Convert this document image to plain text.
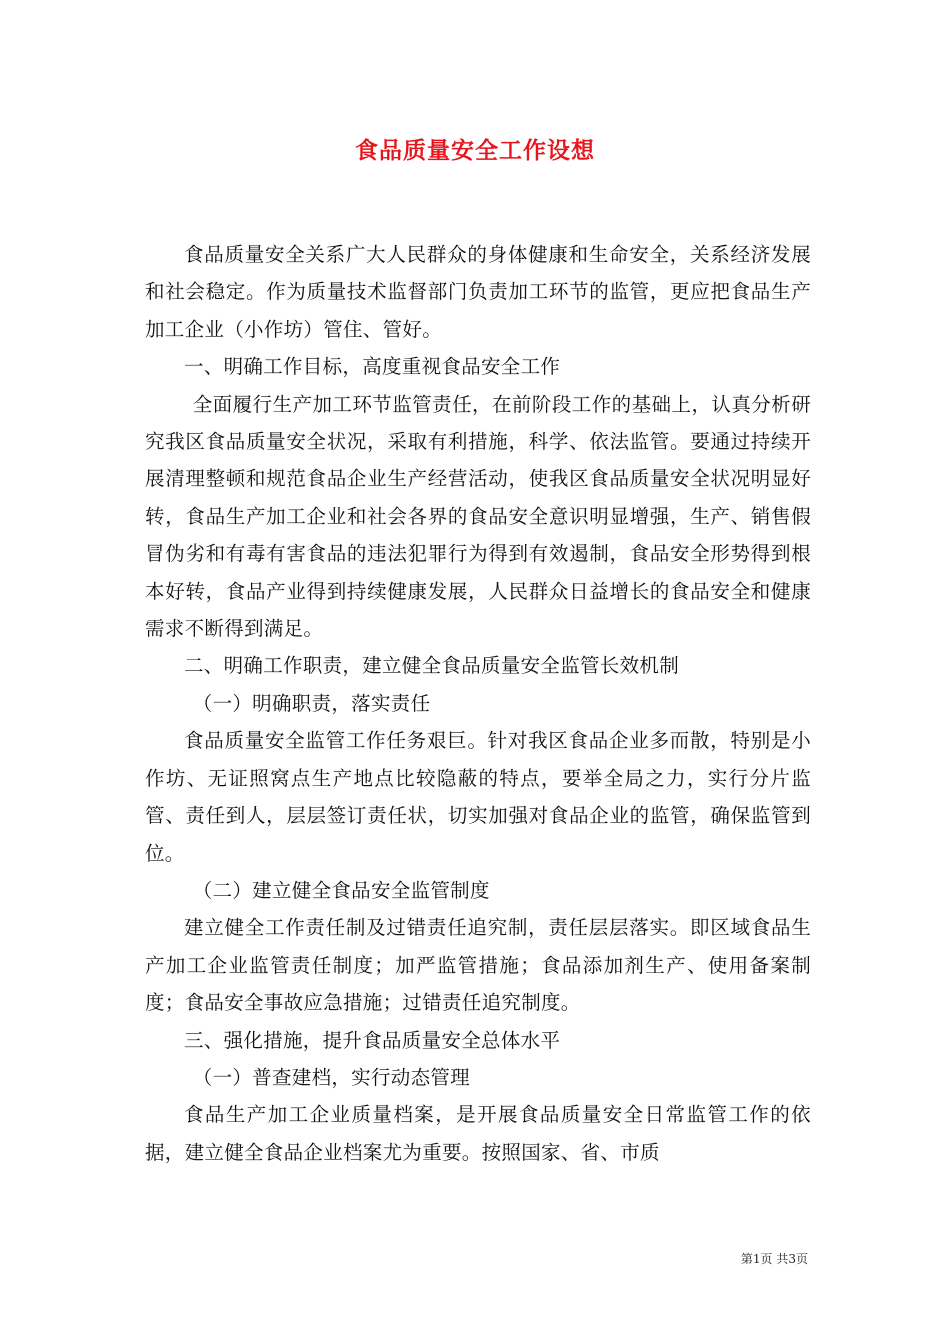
食品质量安全工作设想

食品质量安全关系广大人民群众的身体健康和生命安全，关系经济发展和社会稳定。作为质量技术监督部门负责加工环节的监管，更应把食品生产加工企业（小作坊）管住、管好。

一、明确工作目标，高度重视食品安全工作

全面履行生产加工环节监管责任，在前阶段工作的基础上，认真分析研究我区食品质量安全状况，采取有利措施，科学、依法监管。要通过持续开展清理整顿和规范食品企业生产经营活动，使我区食品质量安全状况明显好转，食品生产加工企业和社会各界的食品安全意识明显增强，生产、销售假冒伪劣和有毒有害食品的违法犯罪行为得到有效遏制，食品安全形势得到根本好转，食品产业得到持续健康发展，人民群众日益增长的食品安全和健康需求不断得到满足。

二、明确工作职责，建立健全食品质量安全监管长效机制

（一）明确职责，落实责任

食品质量安全监管工作任务艰巨。针对我区食品企业多而散，特别是小作坊、无证照窝点生产地点比较隐蔽的特点，要举全局之力，实行分片监管、责任到人，层层签订责任状，切实加强对食品企业的监管，确保监管到位。

（二）建立健全食品安全监管制度

建立健全工作责任制及过错责任追究制，责任层层落实。即区域食品生产加工企业监管责任制度；加严监管措施；食品添加剂生产、使用备案制度；食品安全事故应急措施；过错责任追究制度。

三、强化措施，提升食品质量安全总体水平

（一）普查建档，实行动态管理

食品生产加工企业质量档案，是开展食品质量安全日常监管工作的依据，建立健全食品企业档案尤为重要。按照国家、省、市质

第1页 共3页
